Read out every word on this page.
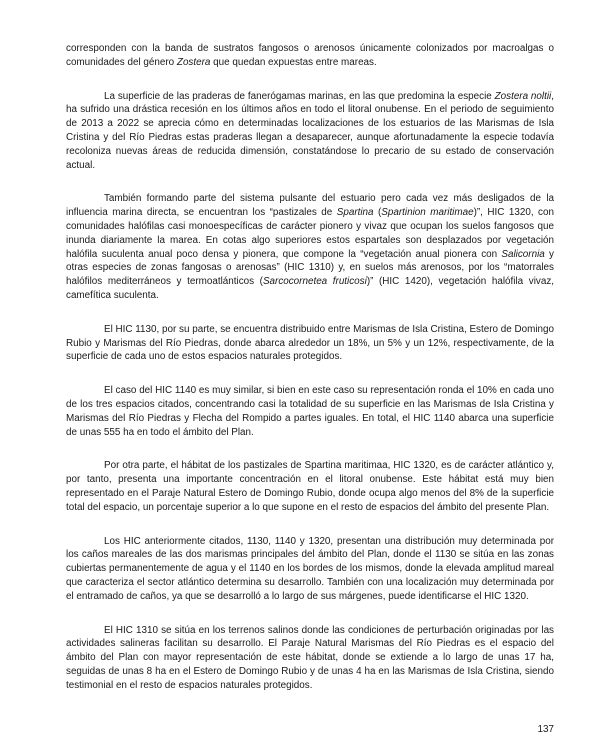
corresponden con la banda de sustratos fangosos o arenosos únicamente colonizados por macroalgas o comunidades del género Zostera que quedan expuestas entre mareas.

La superficie de las praderas de fanerógamas marinas, en las que predomina la especie Zostera noltii, ha sufrido una drástica recesión en los últimos años en todo el litoral onubense. En el periodo de seguimiento de 2013 a 2022 se aprecia cómo en determinadas localizaciones de los estuarios de las Marismas de Isla Cristina y del Río Piedras estas praderas llegan a desaparecer, aunque afortunadamente la especie todavía recoloniza nuevas áreas de reducida dimensión, constatándose lo precario de su estado de conservación actual.

También formando parte del sistema pulsante del estuario pero cada vez más desligados de la influencia marina directa, se encuentran los “pastizales de Spartina (Spartinion maritimae)”, HIC 1320, con comunidades halófilas casi monoespecíficas de carácter pionero y vivaz que ocupan los suelos fangosos que inunda diariamente la marea. En cotas algo superiores estos espartales son desplazados por vegetación halófila suculenta anual poco densa y pionera, que compone la “vegetación anual pionera con Salicornia y otras especies de zonas fangosas o arenosas” (HIC 1310) y, en suelos más arenosos, por los “matorrales halófilos mediterráneos y termoatlánticos (Sarcocornetea fruticosi)” (HIC 1420), vegetación halófila vivaz, camefítica suculenta.

El HIC 1130, por su parte, se encuentra distribuido entre Marismas de Isla Cristina, Estero de Domingo Rubio y Marismas del Río Piedras, donde abarca alrededor un 18%, un 5% y un 12%, respectivamente, de la superficie de cada uno de estos espacios naturales protegidos.

El caso del HIC 1140 es muy similar, si bien en este caso su representación ronda el 10% en cada uno de los tres espacios citados, concentrando casi la totalidad de su superficie en las Marismas de Isla Cristina y Marismas del Río Piedras y Flecha del Rompido a partes iguales. En total, el HIC 1140 abarca una superficie de unas 555 ha en todo el ámbito del Plan.

Por otra parte, el hábitat de los pastizales de Spartina maritimaa, HIC 1320, es de carácter atlántico y, por tanto, presenta una importante concentración en el litoral onubense. Este hábitat está muy bien representado en el Paraje Natural Estero de Domingo Rubio, donde ocupa algo menos del 8% de la superficie total del espacio, un porcentaje superior a lo que supone en el resto de espacios del ámbito del presente Plan.

Los HIC anteriormente citados, 1130, 1140 y 1320, presentan una distribución muy determinada por los caños mareales de las dos marismas principales del ámbito del Plan, donde el 1130 se sitúa en las zonas cubiertas permanentemente de agua y el 1140 en los bordes de los mismos, donde la elevada amplitud mareal que caracteriza el sector atlántico determina su desarrollo. También con una localización muy determinada por el entramado de caños, ya que se desarrolló a lo largo de sus márgenes, puede identificarse el HIC 1320.

El HIC 1310 se sitúa en los terrenos salinos donde las condiciones de perturbación originadas por las actividades salineras facilitan su desarrollo. El Paraje Natural Marismas del Río Piedras es el espacio del ámbito del Plan con mayor representación de este hábitat, donde se extiende a lo largo de unas 17 ha, seguidas de unas 8 ha en el Estero de Domingo Rubio y de unas 4 ha en las Marismas de Isla Cristina, siendo testimonial en el resto de espacios naturales protegidos.

137
